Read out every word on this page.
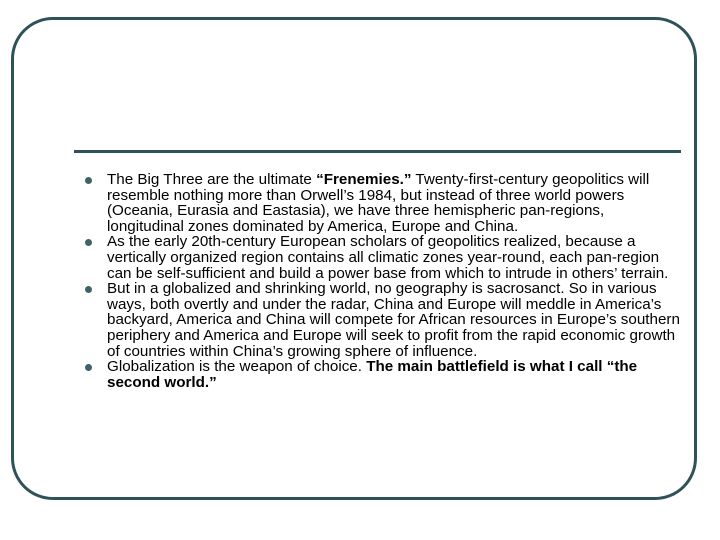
The Big Three are the ultimate “Frenemies.” Twenty-first-century geopolitics will resemble nothing more than Orwell’s 1984, but instead of three world powers (Oceania, Eurasia and Eastasia), we have three hemispheric pan-regions, longitudinal zones dominated by America, Europe and China.
As the early 20th-century European scholars of geopolitics realized, because a vertically organized region contains all climatic zones year-round, each pan-region can be self-sufficient and build a power base from which to intrude in others’ terrain.
But in a globalized and shrinking world, no geography is sacrosanct. So in various ways, both overtly and under the radar, China and Europe will meddle in America’s backyard, America and China will compete for African resources in Europe’s southern periphery and America and Europe will seek to profit from the rapid economic growth of countries within China’s growing sphere of influence.
Globalization is the weapon of choice. The main battlefield is what I call “the second world.”
